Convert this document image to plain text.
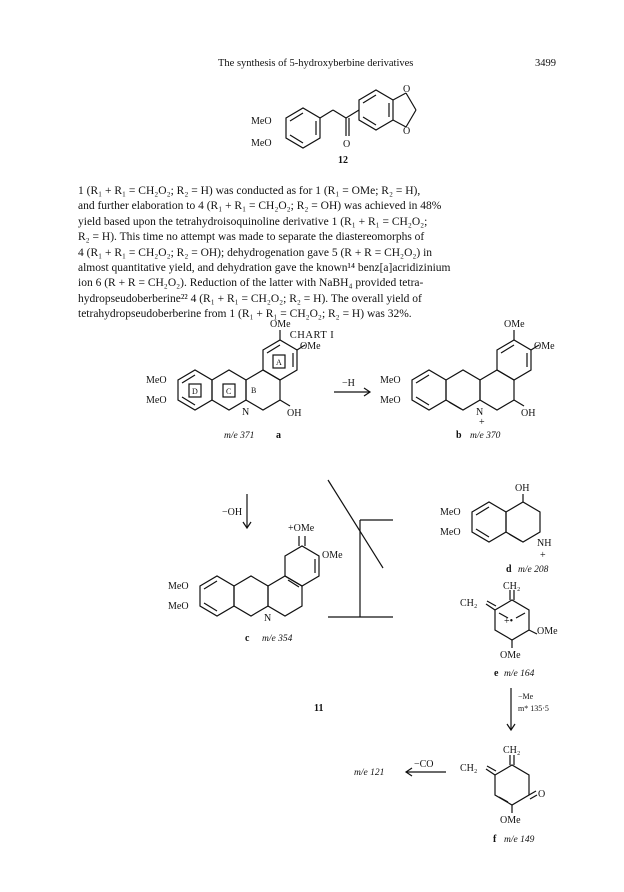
The synthesis of 5-hydroxyberbine derivatives	3499
MeO
MeO	O
O
O
12
OMe
OMe
MeO
MeO
N	OH
A
B
C
D
m/e 371 a
−H
OMe
OMe
MeO
MeO
N
+
OH
b m/e 370
−OH
+OMe
OMe
MeO
MeO
N
c m/e 354
OH
MeO
MeO
NH
+
d m/e 208
CH₂
CH₂
+•
OMe
OMe
e m/e 164
−Me
m* 135·5
CH₂
CH₂
O
OMe
f m/e 149
−CO
m/e 121
11
1 (R₁ + R₁ = CH₂O₂; R₂ = H) was conducted as for 1 (R₁ = OMe; R₂ = H),
and further elaboration to 4 (R₁ + R₁ = CH₂O₂; R₂ = OH) was achieved in 48%
yield based upon the tetrahydroisoquinoline derivative 1 (R₁ + R₁ = CH₂O₂;
R₂ = H). This time no attempt was made to separate the diastereomorphs of
4 (R₁ + R₁ = CH₂O₂; R₂ = OH); dehydrogenation gave 5 (R + R = CH₂O₂) in
almost quantitative yield, and dehydration gave the known¹⁴ benz[a]acridizinium
ion 6 (R + R = CH₂O₂). Reduction of the latter with NaBH₄ provided tetra-
hydropseudoberberine²² 4 (R₁ + R₁ = CH₂O₂; R₂ = H). The overall yield of
tetrahydropseudoberberine from 1 (R₁ + R₁ = CH₂O₂; R₂ = H) was 32%.
CHART I
